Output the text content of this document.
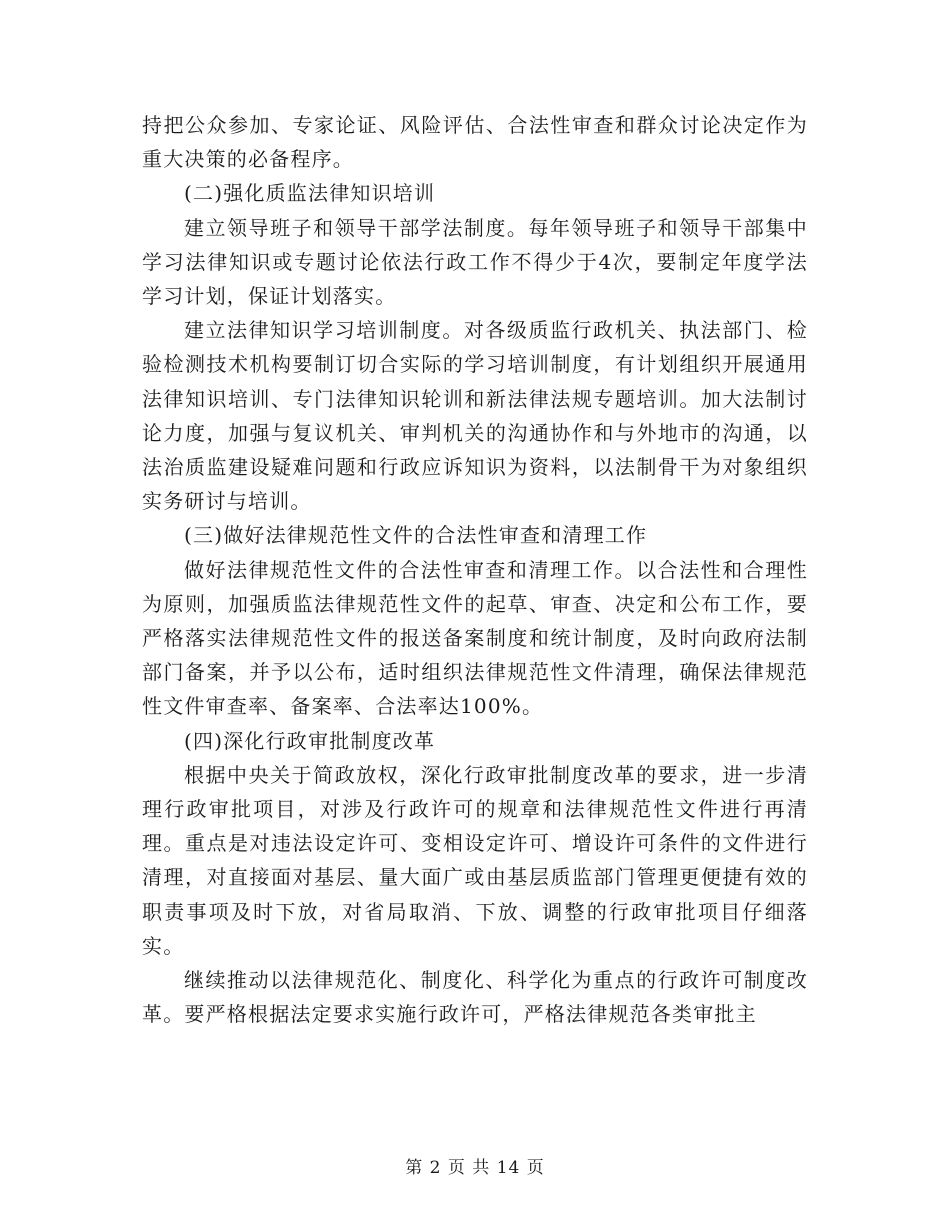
持把公众参加、专家论证、风险评估、合法性审查和群众讨论决定作为重大决策的必备程序。

(二)强化质监法律知识培训

建立领导班子和领导干部学法制度。每年领导班子和领导干部集中学习法律知识或专题讨论依法行政工作不得少于4次，要制定年度学法学习计划，保证计划落实。

建立法律知识学习培训制度。对各级质监行政机关、执法部门、检验检测技术机构要制订切合实际的学习培训制度，有计划组织开展通用法律知识培训、专门法律知识轮训和新法律法规专题培训。加大法制讨论力度，加强与复议机关、审判机关的沟通协作和与外地市的沟通，以法治质监建设疑难问题和行政应诉知识为资料，以法制骨干为对象组织实务研讨与培训。

(三)做好法律规范性文件的合法性审查和清理工作

做好法律规范性文件的合法性审查和清理工作。以合法性和合理性为原则，加强质监法律规范性文件的起草、审查、决定和公布工作，要严格落实法律规范性文件的报送备案制度和统计制度，及时向政府法制部门备案，并予以公布，适时组织法律规范性文件清理，确保法律规范性文件审查率、备案率、合法率达100%。

(四)深化行政审批制度改革

根据中央关于简政放权，深化行政审批制度改革的要求，进一步清理行政审批项目，对涉及行政许可的规章和法律规范性文件进行再清理。重点是对违法设定许可、变相设定许可、增设许可条件的文件进行清理，对直接面对基层、量大面广或由基层质监部门管理更便捷有效的职责事项及时下放，对省局取消、下放、调整的行政审批项目仔细落实。

继续推动以法律规范化、制度化、科学化为重点的行政许可制度改革。要严格根据法定要求实施行政许可，严格法律规范各类审批主

第 2 页 共 14 页
